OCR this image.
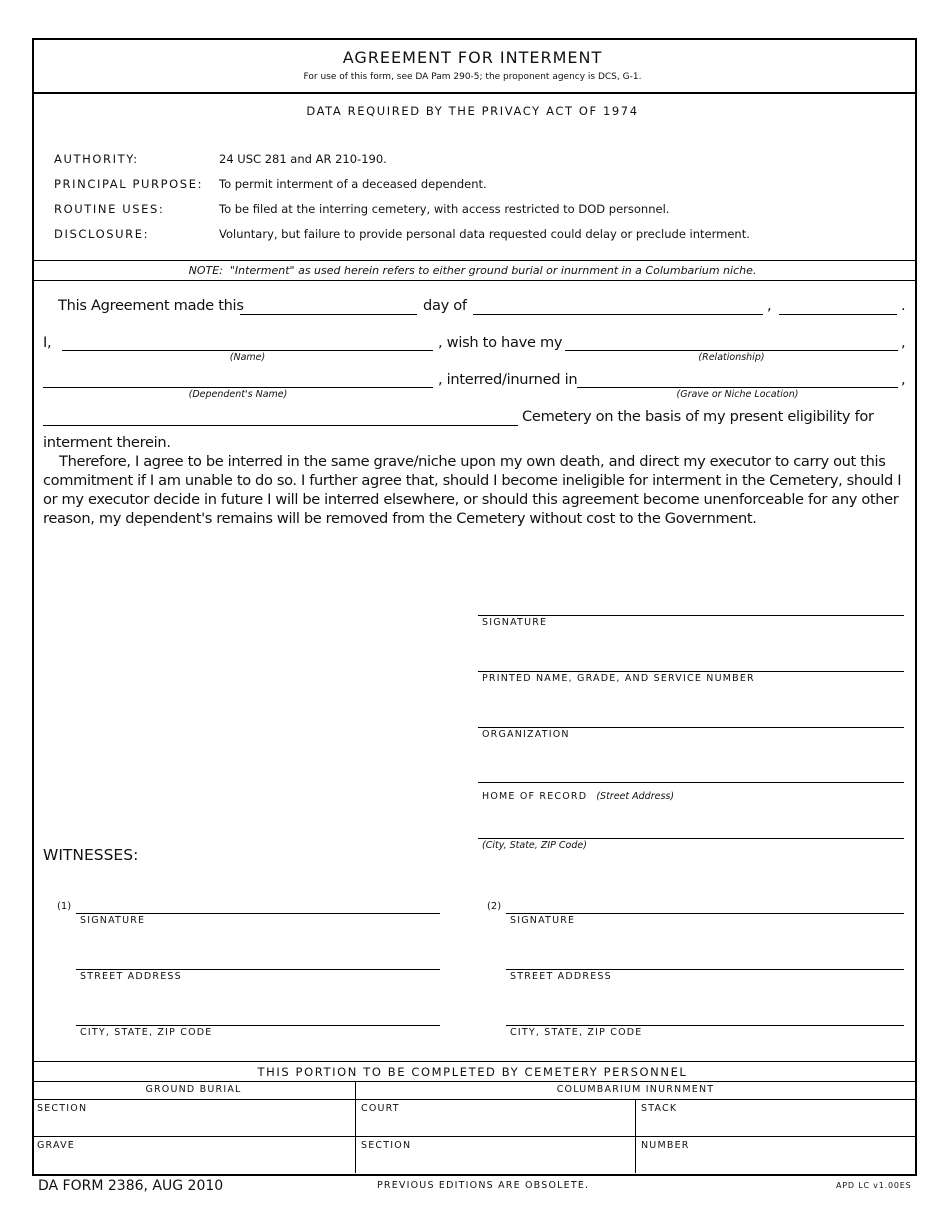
AGREEMENT FOR INTERMENT
For use of this form, see DA Pam 290-5; the proponent agency is DCS, G-1.
DATA REQUIRED BY THE PRIVACY ACT OF 1974
AUTHORITY:	24 USC 281 and AR 210-190.
PRINCIPAL PURPOSE: To permit interment of a deceased dependent.
ROUTINE USES:	To be filed at the interring cemetery, with access restricted to DOD personnel.
DISCLOSURE:	Voluntary, but failure to provide personal data requested could delay or preclude interment.
NOTE: "Interment" as used herein refers to either ground burial or inurnment in a Columbarium niche.
This Agreement made this	day of	,	.
I,
(Name)
, wish to have my
(Relationship)
,
(Dependent's Name)
, interred/inurned in
(Grave or Niche Location)
,
Cemetery on the basis of my present eligibility for
interment therein.
Therefore, I agree to be interred in the same grave/niche upon my own death, and direct my executor to carry out this commitment if I am unable to do so. I further agree that, should I become ineligible for interment in the Cemetery, should I or my executor decide in future I will be interred elsewhere, or should this agreement become unenforceable for any other reason, my dependent's remains will be removed from the Cemetery without cost to the Government.
SIGNATURE
PRINTED NAME, GRADE, AND SERVICE NUMBER
ORGANIZATION
HOME OF RECORD (Street Address)
(City, State, ZIP Code)
WITNESSES:
(1)
SIGNATURE
STREET ADDRESS
CITY, STATE, ZIP CODE
(2)
SIGNATURE
STREET ADDRESS
CITY, STATE, ZIP CODE
THIS PORTION TO BE COMPLETED BY CEMETERY PERSONNEL
GROUND BURIAL	COLUMBARIUM INURNMENT
SECTION	COURT	STACK
GRAVE	SECTION	NUMBER
DA FORM 2386, AUG 2010	PREVIOUS EDITIONS ARE OBSOLETE.	APD LC v1.00ES
